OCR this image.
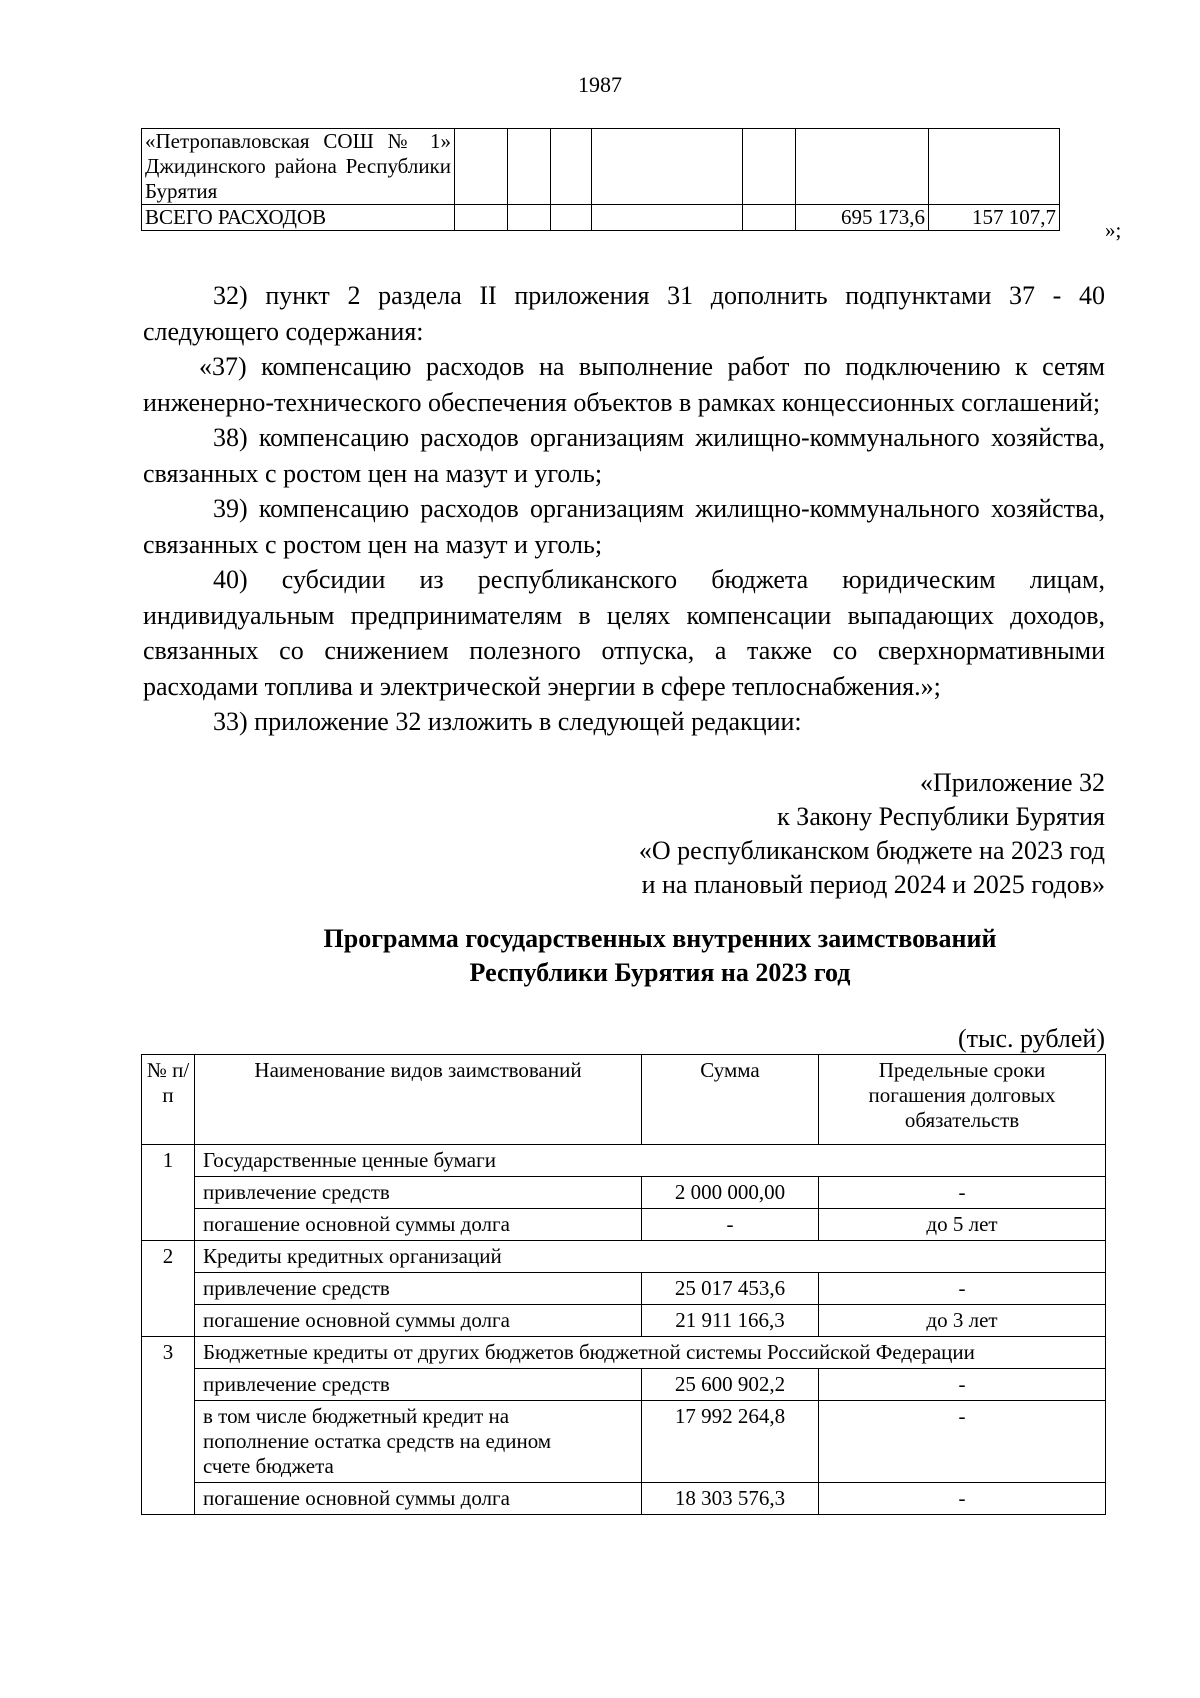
1987
«Петропавловская СОШ № 1» Джидинского района Республики Бурятия							
ВСЕГО РАСХОДОВ						695 173,6	157 107,7
»;

32) пункт 2 раздела II приложения 31 дополнить подпунктами 37 - 40 следующего содержания:

«37) компенсацию расходов на выполнение работ по подключению к сетям инженерно-технического обеспечения объектов в рамках концессионных соглашений;

38) компенсацию расходов организациям жилищно-коммунального хозяйства, связанных с ростом цен на мазут и уголь;

39) компенсацию расходов организациям жилищно-коммунального хозяйства, связанных с ростом цен на мазут и уголь;

40) субсидии из республиканского бюджета юридическим лицам, индивидуальным предпринимателям в целях компенсации выпадающих доходов, связанных со снижением полезного отпуска, а также со сверхнормативными расходами топлива и электрической энергии в сфере теплоснабжения.»;

33) приложение 32 изложить в следующей редакции:

«Приложение 32
к Закону Республики Бурятия
«О республиканском бюджете на 2023 год
и на плановый период 2024 и 2025 годов»
Программа государственных внутренних заимствований
Республики Бурятия на 2023 год
(тыс. рублей)
№ п/п	Наименование видов заимствований	Сумма	Предельные сроки погашения долговых обязательств
1	Государственные ценные бумаги		
	привлечение средств	2 000 000,00	-
	погашение основной суммы долга	-	до 5 лет
2	Кредиты кредитных организаций		
	привлечение средств	25 017 453,6	-
	погашение основной суммы долга	21 911 166,3	до 3 лет
3	Бюджетные кредиты от других бюджетов бюджетной системы Российской Федерации		
	привлечение средств	25 600 902,2	-
	в том числе бюджетный кредит на пополнение остатка средств на едином счете бюджета	17 992 264,8	-
	погашение основной суммы долга	18 303 576,3	-
